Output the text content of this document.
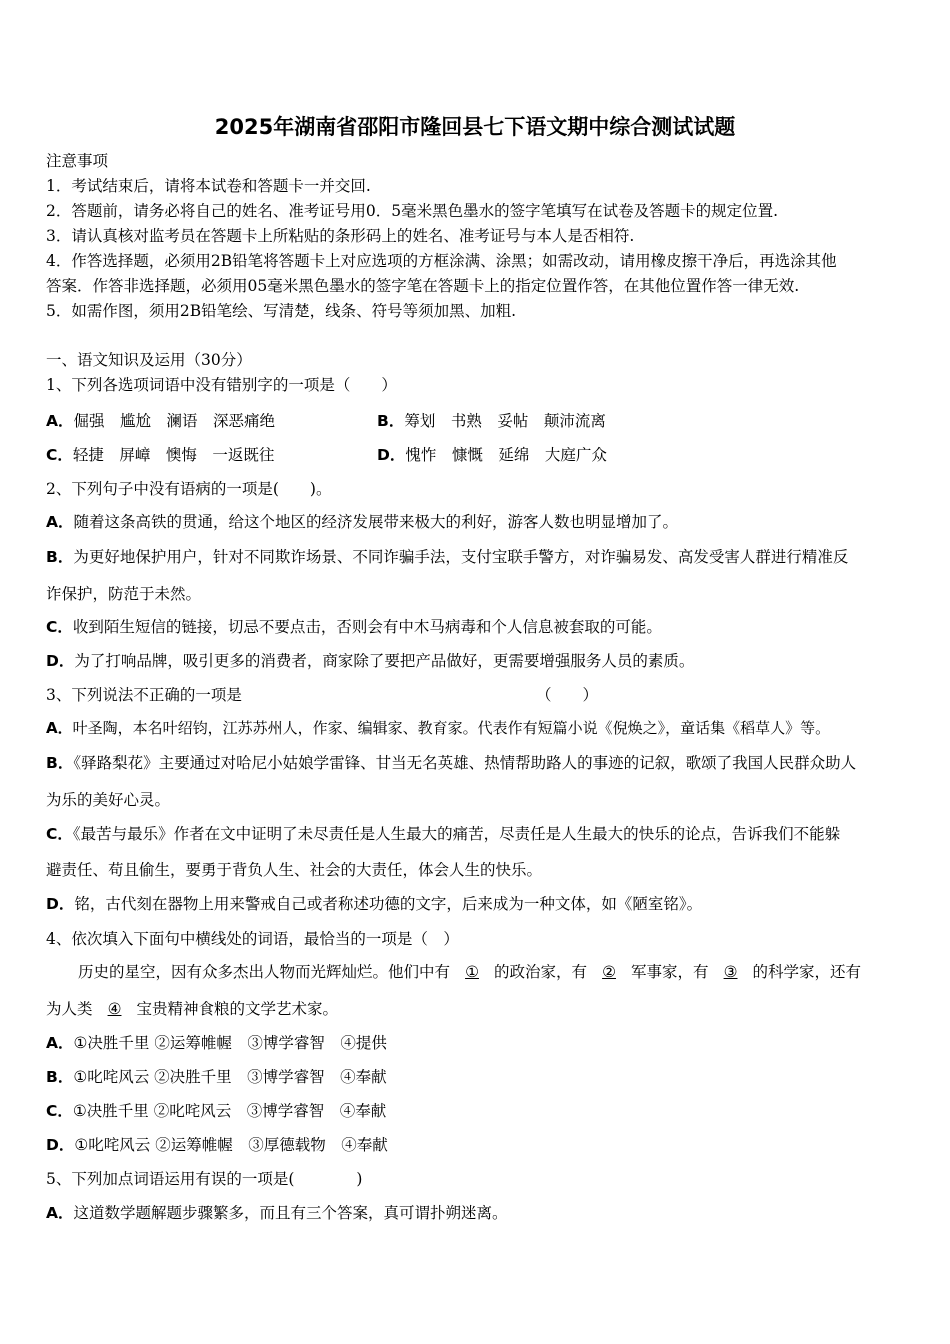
2025年湖南省邵阳市隆回县七下语文期中综合测试试题
注意事项
1．考试结束后，请将本试卷和答题卡一并交回.
2．答题前，请务必将自己的姓名、准考证号用0．5毫米黑色墨水的签字笔填写在试卷及答题卡的规定位置.
3．请认真核对监考员在答题卡上所粘贴的条形码上的姓名、准考证号与本人是否相符.
4．作答选择题，必须用2B铅笔将答题卡上对应选项的方框涂满、涂黑；如需改动，请用橡皮擦干净后，再选涂其他
答案．作答非选择题，必须用05毫米黑色墨水的签字笔在答题卡上的指定位置作答，在其他位置作答一律无效.
5．如需作图，须用2B铅笔绘、写清楚，线条、符号等须加黑、加粗.
一、语文知识及运用（30分）
1、下列各选项词语中没有错别字的一项是（　　）
A．倔强　尴尬　澜语　深恶痛绝	B．筹划　书熟　妥帖　颠沛流离
C．轻捷　屏嶂　懊悔　一返既往	D．愧怍　慷慨　延绵　大庭广众
2、下列句子中没有语病的一项是(　　)。
A．随着这条高铁的贯通，给这个地区的经济发展带来极大的利好，游客人数也明显增加了。
B．为更好地保护用户，针对不同欺诈场景、不同诈骗手法，支付宝联手警方，对诈骗易发、高发受害人群进行精准反
诈保护，防范于未然。
C．收到陌生短信的链接，切忌不要点击，否则会有中木马病毒和个人信息被套取的可能。
D．为了打响品牌，吸引更多的消费者，商家除了要把产品做好，更需要增强服务人员的素质。
3、下列说法不正确的一项是	（　　）
A．叶圣陶，本名叶绍钧，江苏苏州人，作家、编辑家、教育家。代表作有短篇小说《倪焕之》，童话集《稻草人》等。
B．《驿路梨花》主要通过对哈尼小姑娘学雷锋、甘当无名英雄、热情帮助路人的事迹的记叙，歌颂了我国人民群众助人
为乐的美好心灵。
C．《最苦与最乐》作者在文中证明了未尽责任是人生最大的痛苦，尽责任是人生最大的快乐的论点，告诉我们不能躲
避责任、苟且偷生，要勇于背负人生、社会的大责任，体会人生的快乐。
D．铭，古代刻在器物上用来警戒自己或者称述功德的文字，后来成为一种文体，如《陋室铭》。
4、依次填入下面句中横线处的词语，最恰当的一项是（　）
历史的星空，因有众多杰出人物而光辉灿烂。他们中有 ① 的政治家，有 ② 军事家，有 ③ 的科学家，还有
为人类 ④ 宝贵精神食粮的文学艺术家。
A．①决胜千里 ②运筹帷幄　③博学睿智　④提供
B．①叱咤风云 ②决胜千里　③博学睿智　④奉献
C．①决胜千里 ②叱咤风云　③博学睿智　④奉献
D．①叱咤风云 ②运筹帷幄　③厚德载物　④奉献
5、下列加点词语运用有误的一项是(　　　　)
A．这道数学题解题步骤繁多，而且有三个答案，真可谓扑朔迷离。
